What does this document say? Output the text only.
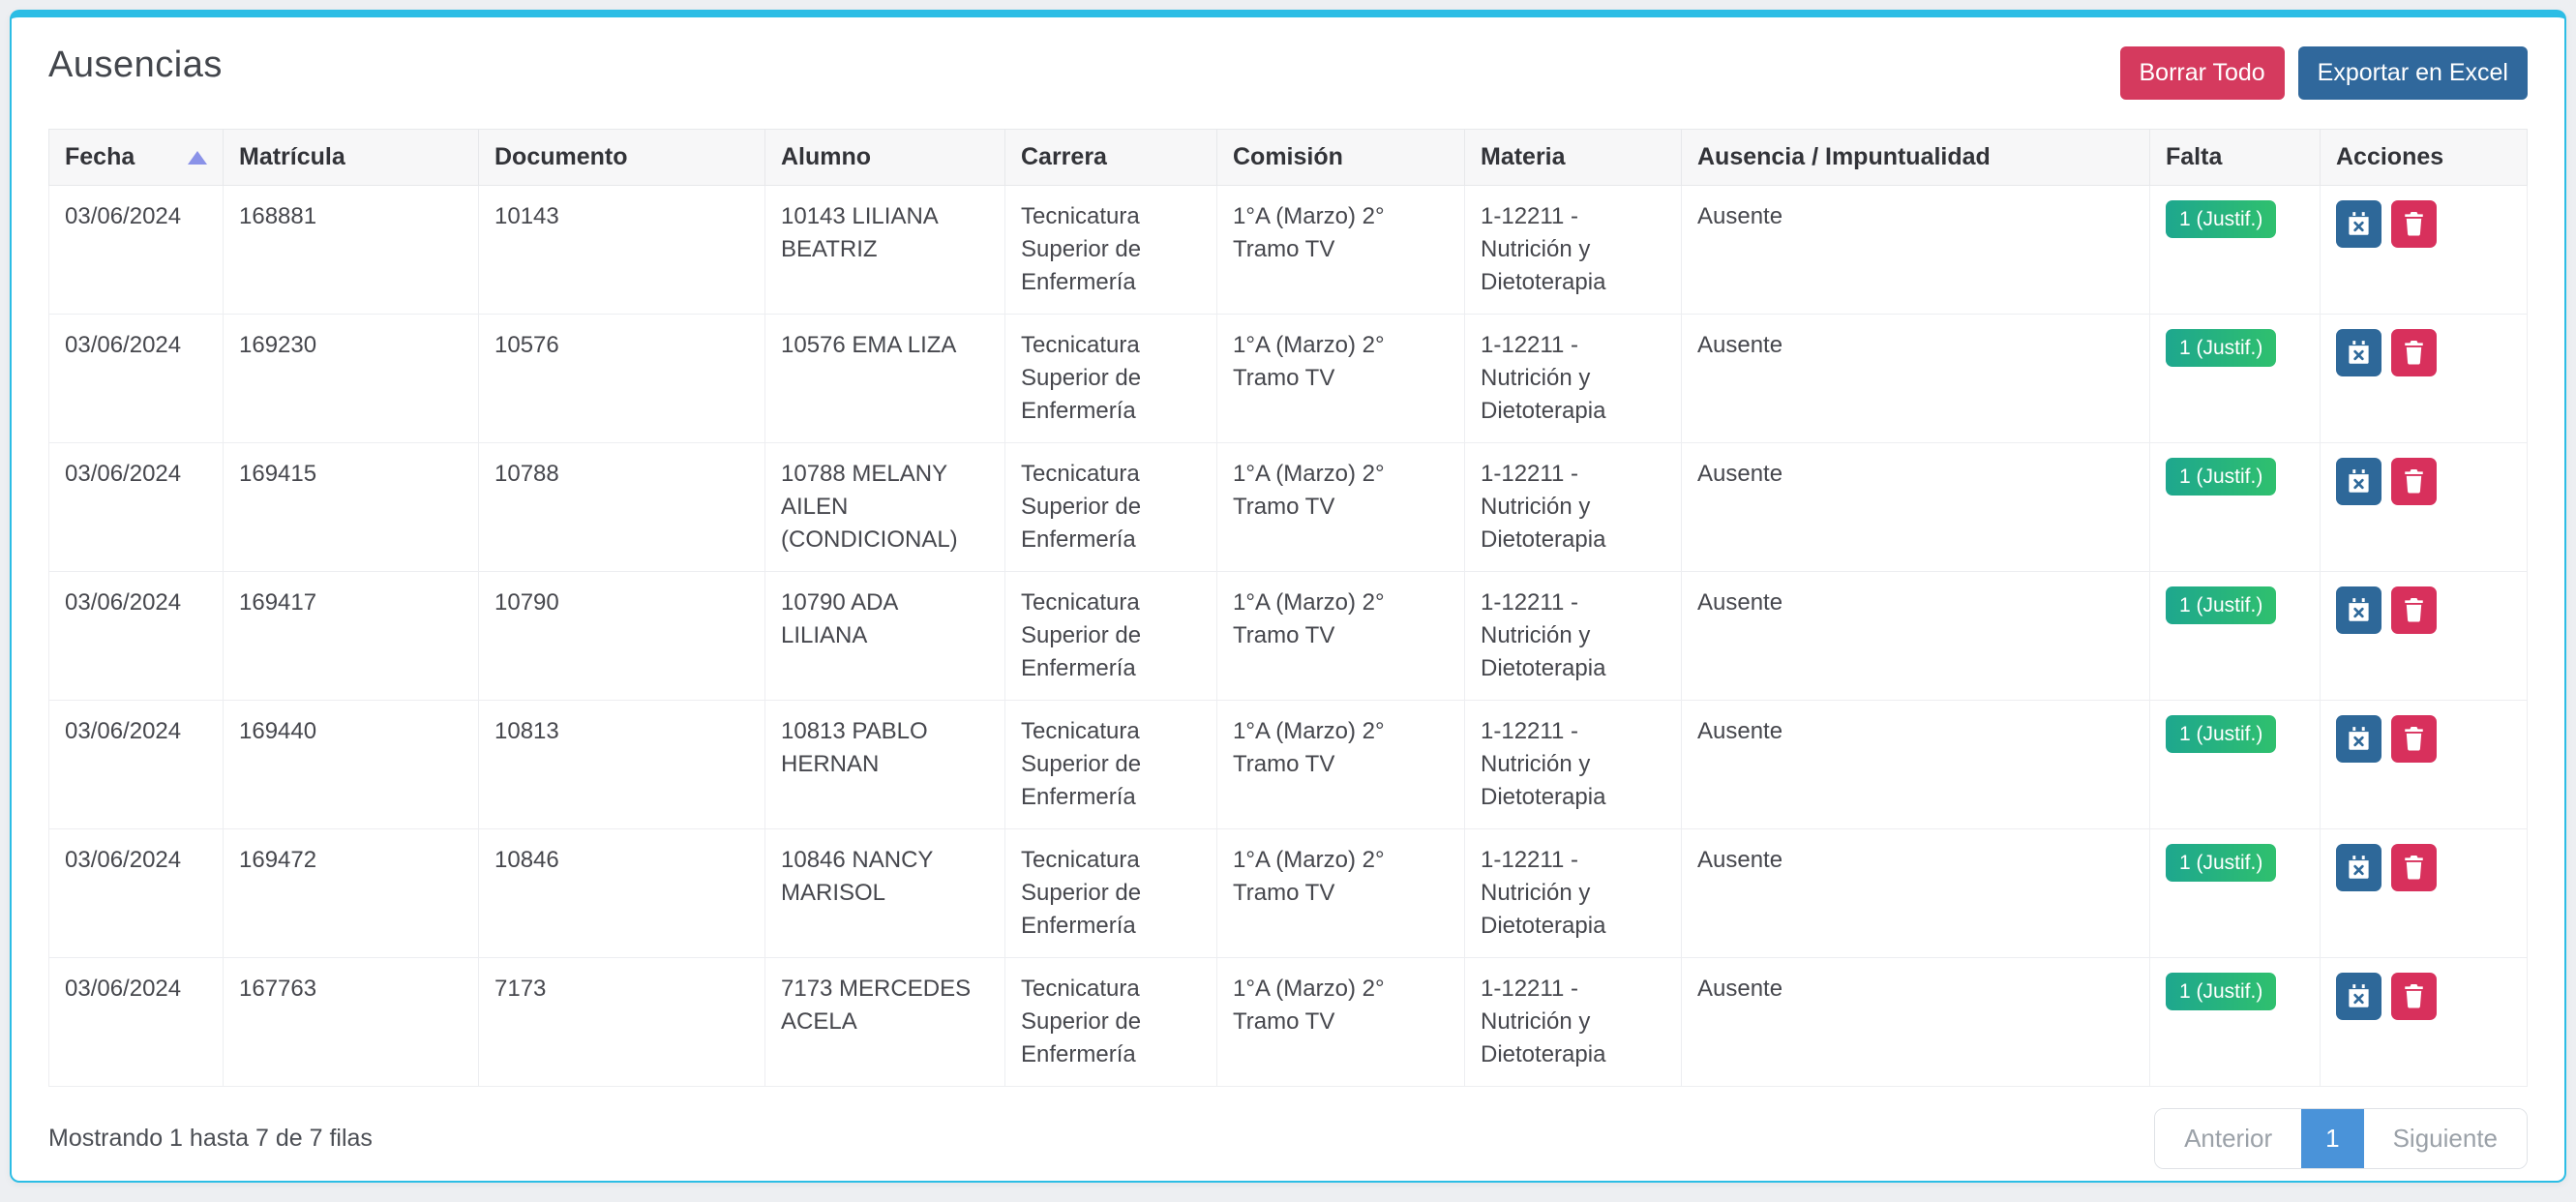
Ausencias	Borrar Todo	Exportar en Excel
Fecha	Matrícula	Documento	Alumno	Carrera	Comisión	Materia	Ausencia / Impuntualidad	Falta	Acciones
03/06/2024	168881	10143	10143 LILIANA BEATRIZ	Tecnicatura Superior de Enfermería	1°A (Marzo) 2° Tramo TV	1-12211 - Nutrición y Dietoterapia	Ausente	1 (Justif.)	

03/06/2024	169230	10576	10576 EMA LIZA	Tecnicatura Superior de Enfermería	1°A (Marzo) 2° Tramo TV	1-12211 - Nutrición y Dietoterapia	Ausente	1 (Justif.)	

03/06/2024	169415	10788	10788 MELANY AILEN (CONDICIONAL)	Tecnicatura Superior de Enfermería	1°A (Marzo) 2° Tramo TV	1-12211 - Nutrición y Dietoterapia	Ausente	1 (Justif.)	

03/06/2024	169417	10790	10790 ADA LILIANA	Tecnicatura Superior de Enfermería	1°A (Marzo) 2° Tramo TV	1-12211 - Nutrición y Dietoterapia	Ausente	1 (Justif.)	

03/06/2024	169440	10813	10813 PABLO HERNAN	Tecnicatura Superior de Enfermería	1°A (Marzo) 2° Tramo TV	1-12211 - Nutrición y Dietoterapia	Ausente	1 (Justif.)	

03/06/2024	169472	10846	10846 NANCY MARISOL	Tecnicatura Superior de Enfermería	1°A (Marzo) 2° Tramo TV	1-12211 - Nutrición y Dietoterapia	Ausente	1 (Justif.)	

03/06/2024	167763	7173	7173 MERCEDES ACELA	Tecnicatura Superior de Enfermería	1°A (Marzo) 2° Tramo TV	1-12211 - Nutrición y Dietoterapia	Ausente	1 (Justif.)	
Mostrando 1 hasta 7 de 7 filas	Anterior	1	Siguiente
